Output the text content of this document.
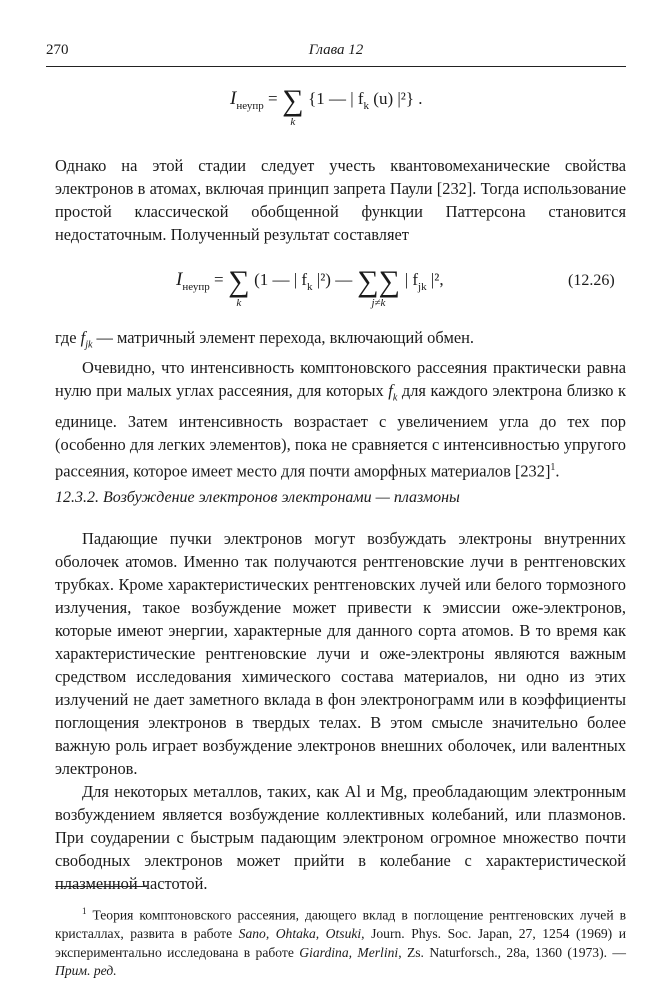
270	Глава 12
$I_{неупр}$ = ∑
k
{1 — | $f_k$ (u) |²} .

Однако на этой стадии следует учесть квантовомеханические свойства электронов в атомах, включая принцип запрета Паули [232]. Тогда использование простой классической обобщенной функции Паттерсона становится недостаточным. Полученный результат составляет

$I_{неупр}$ = ∑
k
(1 — | $f_k$ |²) — ∑∑
j≠k
| $f_{jk}$ |²,	(12.26)

где $f_{jk}$ — матричный элемент перехода, включающий обмен.

Очевидно, что интенсивность комптоновского рассеяния практически равна нулю при малых углах рассеяния, для которых $f_k$ для каждого электрона близко к единице. Затем интенсивность возрастает с увеличением угла до тех пор (особенно для легких элементов), пока не сравняется с интенсивностью упругого рассеяния, которое имеет место для почти аморфных материалов $[232]^1$.

12.3.2. Возбуждение электронов электронами — плазмоны

Падающие пучки электронов могут возбуждать электроны внутренних оболочек атомов. Именно так получаются рентгеновские лучи в рентгеновских трубках. Кроме характеристических рентгеновских лучей или белого тормозного излучения, такое возбуждение может привести к эмиссии оже-электронов, которые имеют энергии, характерные для данного сорта атомов. В то время как характеристические рентгеновские лучи и оже-электроны являются важным средством исследования химического состава материалов, ни одно из этих излучений не дает заметного вклада в фон электронограмм или в коэффициенты поглощения электронов в твердых телах. В этом смысле значительно более важную роль играет возбуждение электронов внешних оболочек, или валентных электронов.

Для некоторых металлов, таких, как Al и Mg, преобладающим электронным возбуждением является возбуждение коллективных колебаний, или плазмонов. При соударении с быстрым падающим электроном огромное множество почти свободных электронов может прийти в колебание с характеристической плазменной частотой.

$^1$ Теория комптоновского рассеяния, дающего вклад в поглощение рентгеновских лучей в кристаллах, развита в работе Sano, Ohtaka, Otsuki, Journ. Phys. Soc. Japan, 27, 1254 (1969) и экспериментально исследована в работе Giardina, Merlini, Zs. Naturforsch., 28a, 1360 (1973). — Прим. ред.
